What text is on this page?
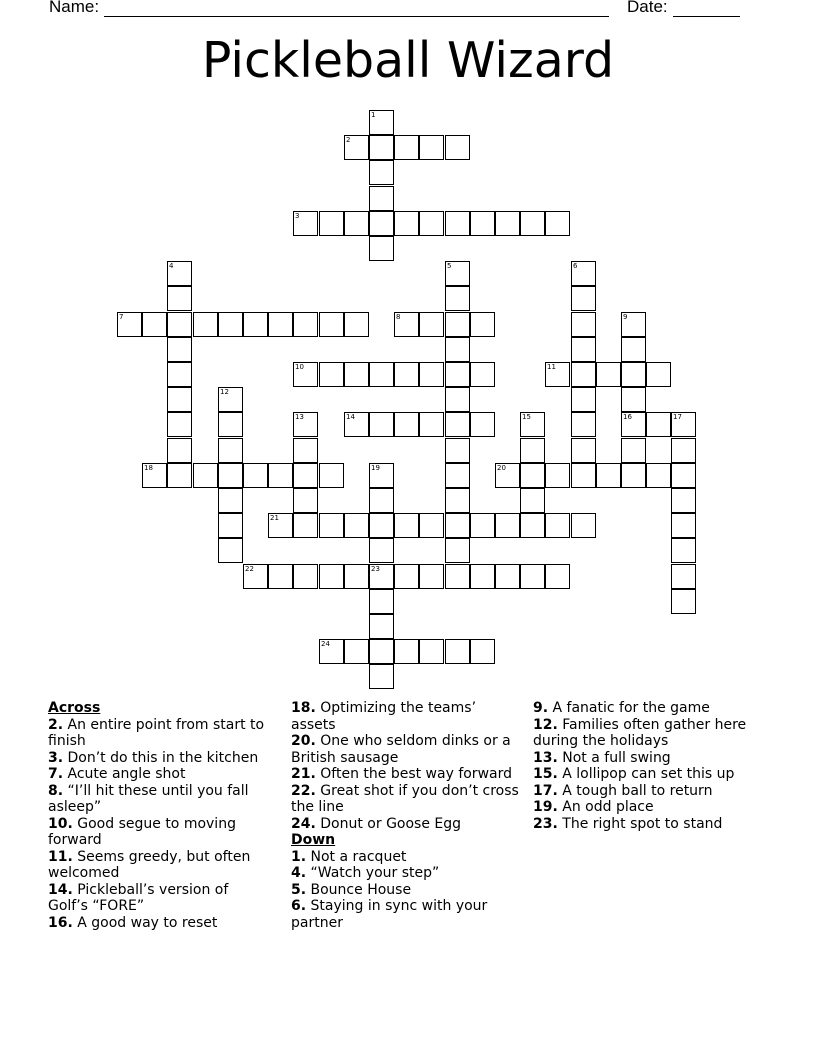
Name:	Date:
Pickleball Wizard
1
2
3
4	5	6
7	8	9
16
10	11
12
13	14	15	17
18	19	20
21
22	23
24

Across

2. An entire point from start to finish

3. Don’t do this in the kitchen

7. Acute angle shot

8. “I’ll hit these until you fall asleep”

10. Good segue to moving forward

11. Seems greedy, but often welcomed

14. Pickleball’s version of Golf’s “FORE”

16. A good way to reset

18. Optimizing the teams’ assets

20. One who seldom dinks or a British sausage

21. Often the best way forward

22. Great shot if you don’t cross the line

24. Donut or Goose Egg

Down

1. Not a racquet

4. “Watch your step”

5. Bounce House

6. Staying in sync with your partner

9. A fanatic for the game

12. Families often gather here during the holidays

13. Not a full swing

15. A lollipop can set this up

17. A tough ball to return

19. An odd place

23. The right spot to stand
